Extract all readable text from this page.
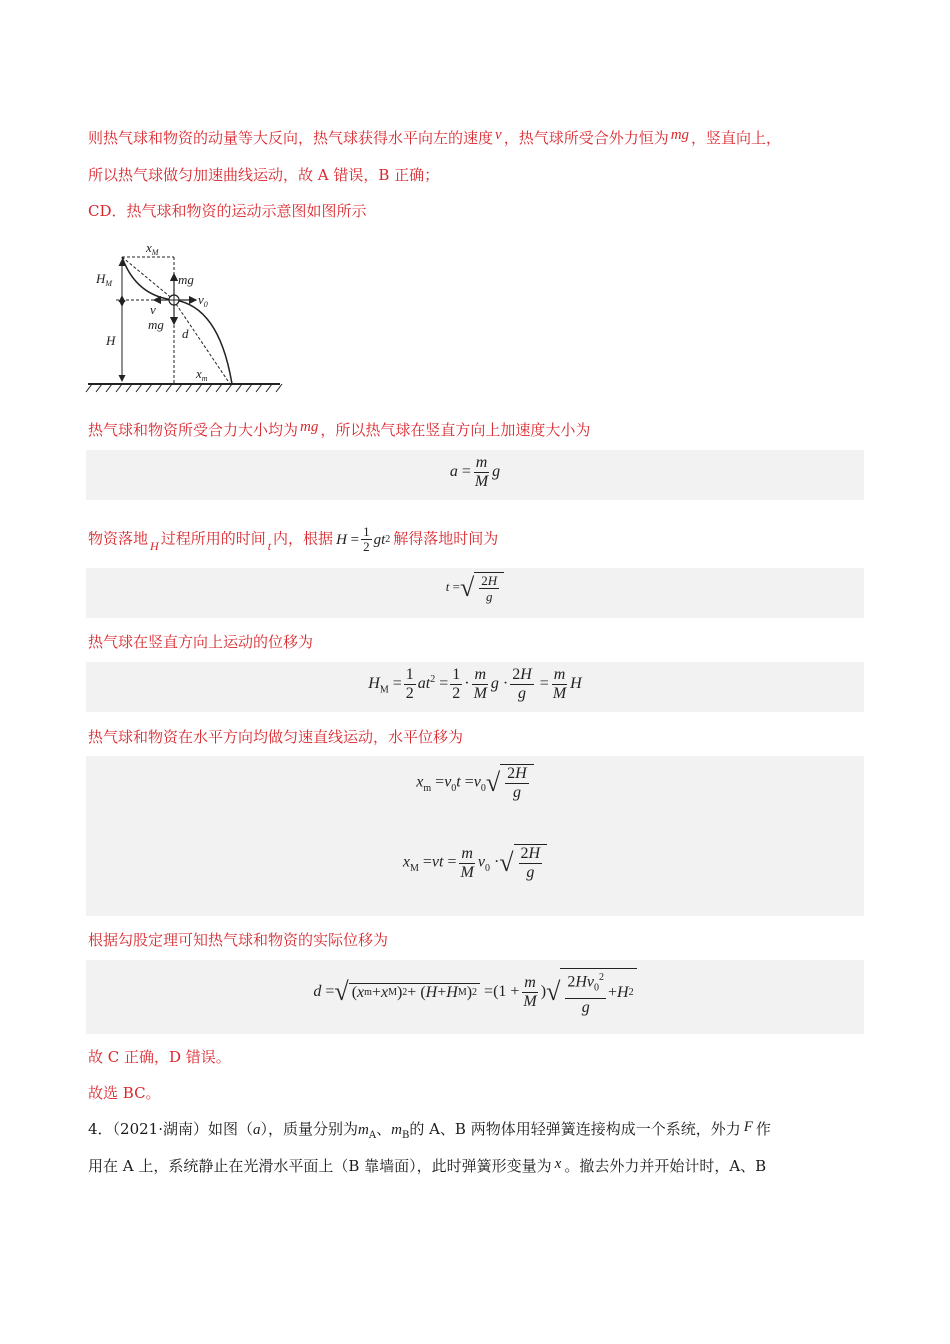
则热气球和物资的动量等大反向，热气球获得水平向左的速度 v ，热气球所受合外力恒为 mg ，竖直向上，
所以热气球做匀加速曲线运动，故 A 错误，B 正确；
CD．热气球和物资的运动示意图如图所示
$x_M$
$H_M$	mg
$v_0$
v
mg
d
H
$x_m$
热气球和物资所受合力大小均为 mg ，所以热气球在竖直方向上加速度大小为
$a = \frac{m}{M}$ g
物资落地 $_H$ 过程所用的时间 $_t$ 内，根据 $H = \frac{1}{2}$ gt 2 解得落地时间为
t = √ $\frac{2H}{g}$
热气球在竖直方向上运动的位移为
$H_M = \frac{1}{2} at^2 = \frac{1}{2} \cdot \frac{m}{M}$ $g \cdot \frac{2H}{g} = \frac{m}{M}$ H
热气球和物资在水平方向均做匀速直线运动，水平位移为
$x_m =v_0t =v_0$ √ $\frac{2H}{g}$
$x_M =vt = \frac{m}{M} v_0$ · √ $\frac{2H}{g}$
根据勾股定理可知热气球和物资的实际位移为
d = √ ( x m + x M ) 2 + ( H + H M ) $2 =(1 + \frac{m}{M}$ ) √ $\frac{2Hv_0^2}{g} + H$ 2
故 C 正确，D 错误。
故选 BC。
4．（2021·湖南）如图（a），质量分别为$m_A$、$m_B$的 A、B 两物体用轻弹簧连接构成一个系统，外力 F 作
用在 A 上，系统静止在光滑水平面上（B 靠墙面），此时弹簧形变量为 x 。撤去外力并开始计时，A、B
